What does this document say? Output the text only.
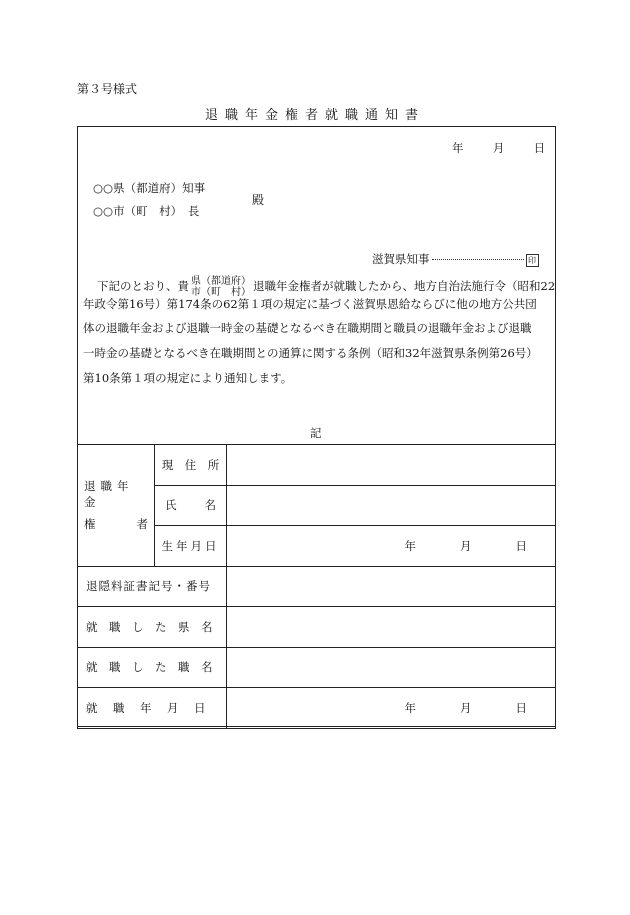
第３号様式
退職年金権者就職通知書
年	月	日
○○県（都道府）知事
○○市（町　村）　長
殿
滋賀県知事	印
下記のとおり、貴 県（都道府）
市（町　村） 退職年金権者が就職したから、地方自治法施行令（昭和22
年政令第16号）第174条の62第１項の規定に基づく滋賀県恩給ならびに他の地方公共団
体の退職年金および退職一時金の基礎となるべき在職期間と職員の退職年金および退職
一時金の基礎となるべき在職期間との通算に関する条例（昭和32年滋賀県条例第26号）
第10条第１項の規定により通知します。
記
退職年金
権 者	現　住　所	

	氏 名	

	生年月日	年 月 日

退隠料証書記号・番号		
就　職　し　た　県　名		
就　職　し　た　職　名		
就　職　年　月　日		年 月 日
